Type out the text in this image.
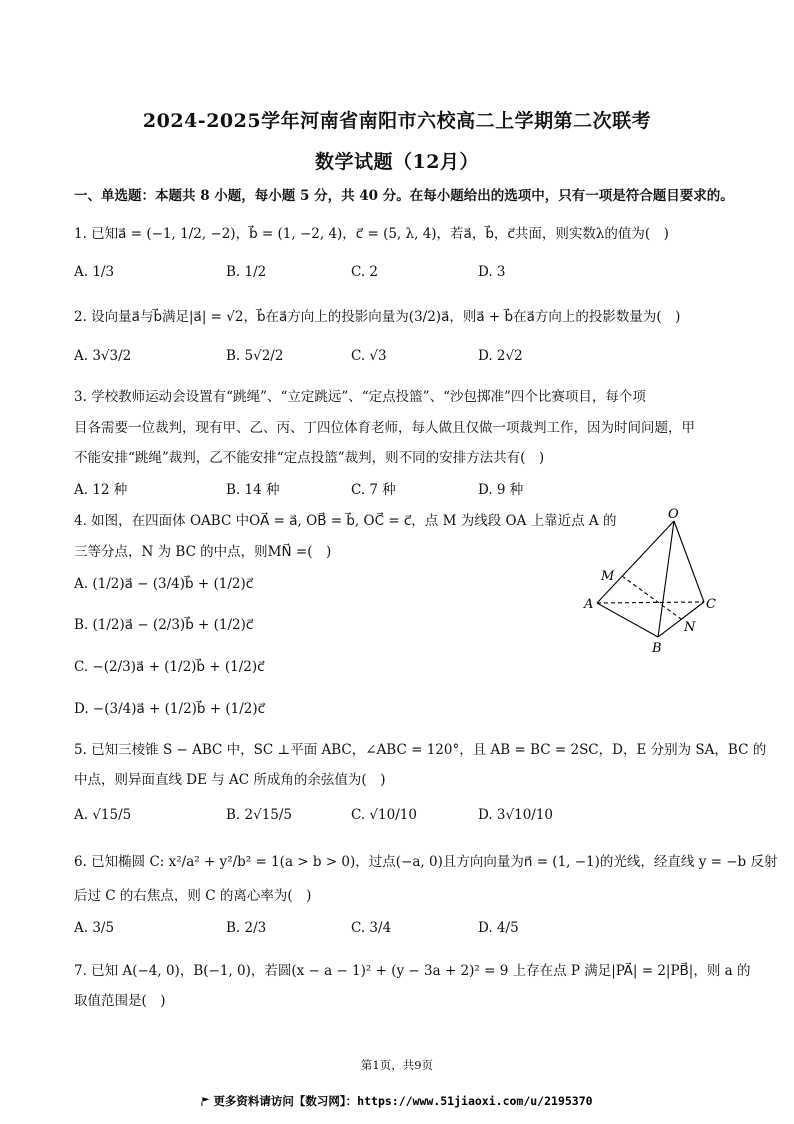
2024-2025学年河南省南阳市六校高二上学期第二次联考
数学试题（12月）
一、单选题：本题共 8 小题，每小题 5 分，共 40 分。在每小题给出的选项中，只有一项是符合题目要求的。
1. 已知a⃗ = (−1, 1/2, −2)，b⃗ = (1, −2, 4)，c⃗ = (5, λ, 4)，若a⃗，b⃗，c⃗共面，则实数λ的值为(　)
A. 1/3	B. 1/2	C. 2	D. 3
2. 设向量a⃗与b⃗满足|a⃗| = √2，b⃗在a⃗方向上的投影向量为(3/2)a⃗，则a⃗ + b⃗在a⃗方向上的投影数量为(　)
A. 3√3/2	B. 5√2/2	C. √3	D. 2√2
3. 学校教师运动会设置有“跳绳”、“立定跳远”、“定点投篮”、“沙包掷准”四个比赛项目，每个项
目各需要一位裁判，现有甲、乙、丙、丁四位体育老师，每人做且仅做一项裁判工作，因为时间问题，甲
不能安排“跳绳”裁判，乙不能安排“定点投篮”裁判，则不同的安排方法共有(　)
A. 12 种	B. 14 种	C. 7 种	D. 9 种
4. 如图，在四面体 OABC 中OA⃗ = a⃗, OB⃗ = b⃗, OC⃗ = c⃗，点 M 为线段 OA 上靠近点 A 的
三等分点，N 为 BC 的中点，则MN⃗ =(　)
A. (1/2)a⃗ − (3/4)b⃗ + (1/2)c⃗
B. (1/2)a⃗ − (2/3)b⃗ + (1/2)c⃗
C. −(2/3)a⃗ + (1/2)b⃗ + (1/2)c⃗
D. −(3/4)a⃗ + (1/2)b⃗ + (1/2)c⃗
O
M
A
B
C
N
5. 已知三棱锥 S − ABC 中，SC ⊥平面 ABC，∠ABC = 120°，且 AB = BC = 2SC，D，E 分别为 SA，BC 的
中点，则异面直线 DE 与 AC 所成角的余弦值为(　)
A. √15/5	B. 2√15/5	C. √10/10	D. 3√10/10
6. 已知椭圆 C: x²/a² + y²/b² = 1(a > b > 0)，过点(−a, 0)且方向向量为n⃗ = (1, −1)的光线，经直线 y = −b 反射
后过 C 的右焦点，则 C 的离心率为(　)
A. 3/5	B. 2/3	C. 3/4	D. 4/5
7. 已知 A(−4, 0)，B(−1, 0)，若圆(x − a − 1)² + (y − 3a + 2)² = 9 上存在点 P 满足|PA⃗| = 2|PB⃗|，则 a 的
取值范围是(　)
第1页，共9页
更多资料请访问【数习网】：https://www.51jiaoxi.com/u/2195370
